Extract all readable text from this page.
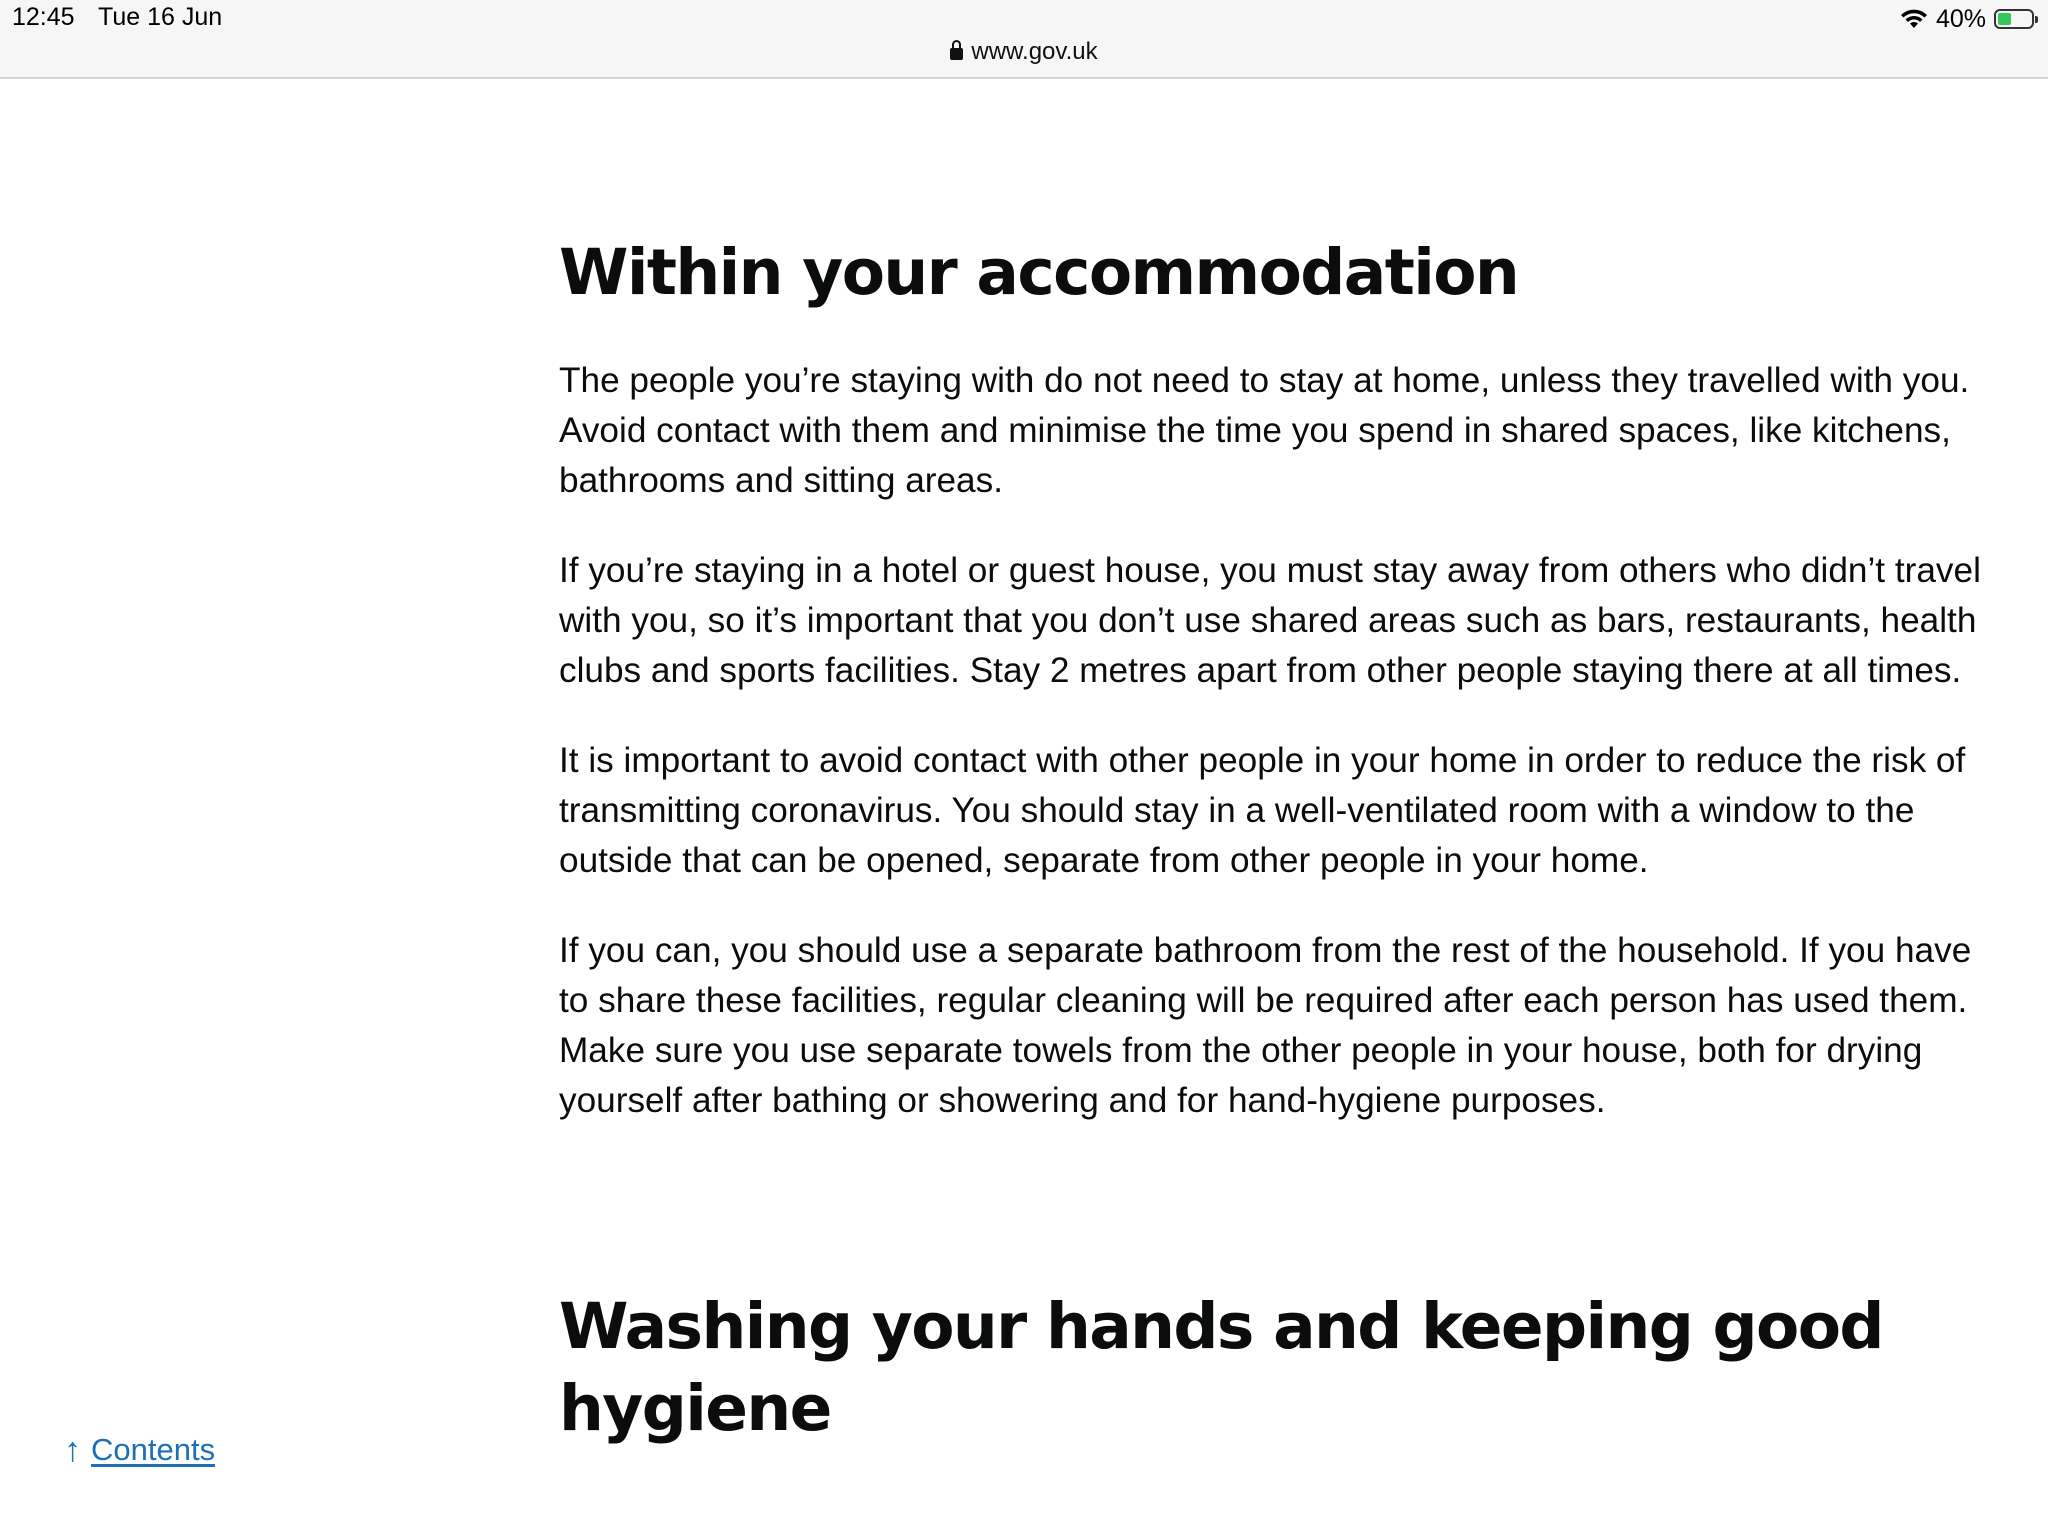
12:45 Tue 16 Jun
www.gov.uk
40%
Within your accommodation

The people you’re staying with do not need to stay at home, unless they travelled with you. Avoid contact with them and minimise the time you spend in shared spaces, like kitchens, bathrooms and sitting areas.

If you’re staying in a hotel or guest house, you must stay away from others who didn’t travel with you, so it’s important that you don’t use shared areas such as bars, restaurants, health clubs and sports facilities. Stay 2 metres apart from other people staying there at all times.

It is important to avoid contact with other people in your home in order to reduce the risk of transmitting coronavirus. You should stay in a well-ventilated room with a window to the outside that can be opened, separate from other people in your home.

If you can, you should use a separate bathroom from the rest of the household. If you have to share these facilities, regular cleaning will be required after each person has used them. Make sure you use separate towels from the other people in your house, both for drying yourself after bathing or showering and for hand-hygiene purposes.

Washing your hands and keeping good hygiene
↑ Contents
